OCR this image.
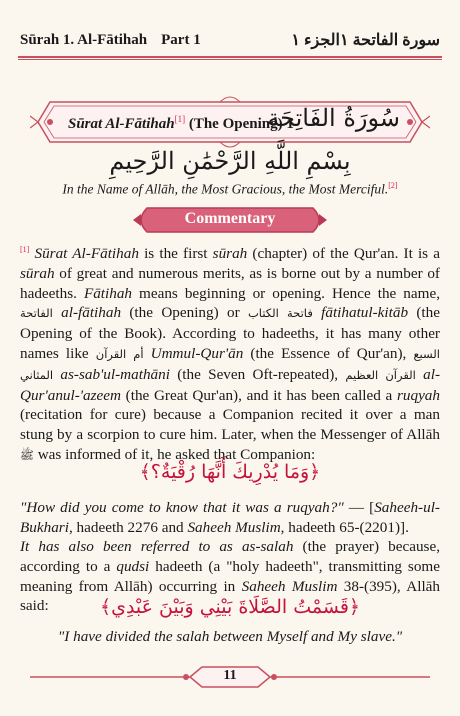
Sūrah 1. Al-Fātihah Part 1	سورة الفاتحة ١الجزء ١
Sūrat Al-Fātihah[1] (The Opening) 1
سُورَةُ الفَاتِحَة
بِسْمِ اللَّهِ الرَّحْمَٰنِ الرَّحِيمِ
In the Name of Allāh, the Most Gracious, the Most Merciful.[2]
Commentary
[1] Sūrat Al-Fātihah is the first sūrah (chapter) of the Qur'an. It is a sūrah of great and numerous merits, as is borne out by a number of hadeeths. Fātihah means beginning or opening. Hence the name, الفاتحة al-fātihah (the Opening) or فاتحة الكتاب fātihatul-kitāb (the Opening of the Book). According to hadeeths, it has many other names like أم القرآن Ummul-Qur'ān (the Essence of Qur'an), السبع المثاني as-sab'ul-mathāni (the Seven Oft-repeated), القرآن العظيم al-Qur'anul-'azeem (the Great Qur'an), and it has been called a ruqyah (recitation for cure) because a Companion recited it over a man stung by a scorpion to cure him. Later, when the Messenger of Allāh ﷺ was informed of it, he asked that Companion:
﴿وَمَا يُدْرِيكَ أَنَّهَا رُقْيَةٌ؟﴾
"How did you come to know that it was a ruqyah?" — [Saheeh-ul-Bukhari, hadeeth 2276 and Saheeh Muslim, hadeeth 65-(2201)].
It has also been referred to as as-salah (the prayer) because, according to a qudsi hadeeth (a "holy hadeeth", transmitting some meaning from Allāh) occurring in Saheeh Muslim 38-(395), Allāh said:	﴿قَسَمْتُ الصَّلَاةَ بَيْنِي وَبَيْنَ عَبْدِي﴾
"I have divided the salah between Myself and My slave."
11
